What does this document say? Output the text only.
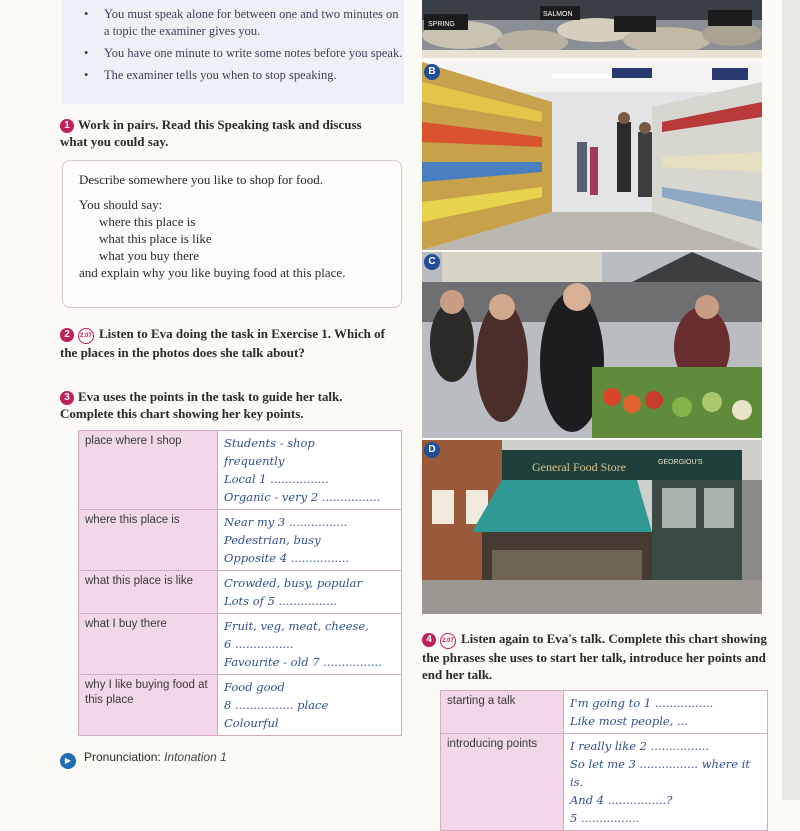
• You must speak alone for between one and two minutes on a topic the examiner gives you.
• You have one minute to write some notes before you speak.
• The examiner tells you when to stop speaking.
1 Work in pairs. Read this Speaking task and discuss what you could say.

Describe somewhere you like to shop for food.

You should say:

where this place is

what this place is like

what you buy there

and explain why you like buying food at this place.

2 2.07 Listen to Eva doing the task in Exercise 1. Which of the places in the photos does she talk about?
3 Eva uses the points in the task to guide her talk. Complete this chart showing her key points.
place where I shop	Students - shop
frequently
Local 1 ................
Organic - very 2 ................

where this place is	Near my 3 ................
Pedestrian, busy
Opposite 4 ................

what this place is like	Crowded, busy, popular
Lots of 5 ................

what I buy there	Fruit, veg, meat, cheese,
6 ................
Favourite - old 7 ................

why I like buying food at this place	Food good
8 ................ place
Colourful
▶ Pronunciation: Intonation 1
SPRING
SALMON
B
C
D
General Food Store	GEORGIOU'S
4 2.07 Listen again to Eva's talk. Complete this chart showing the phrases she uses to start her talk, introduce her points and end her talk.
starting a talk	I'm going to 1 ................
Like most people, ...

introducing points	I really like 2 ................
So let me 3 ................ where it is.
And 4 ................?
5 ................
